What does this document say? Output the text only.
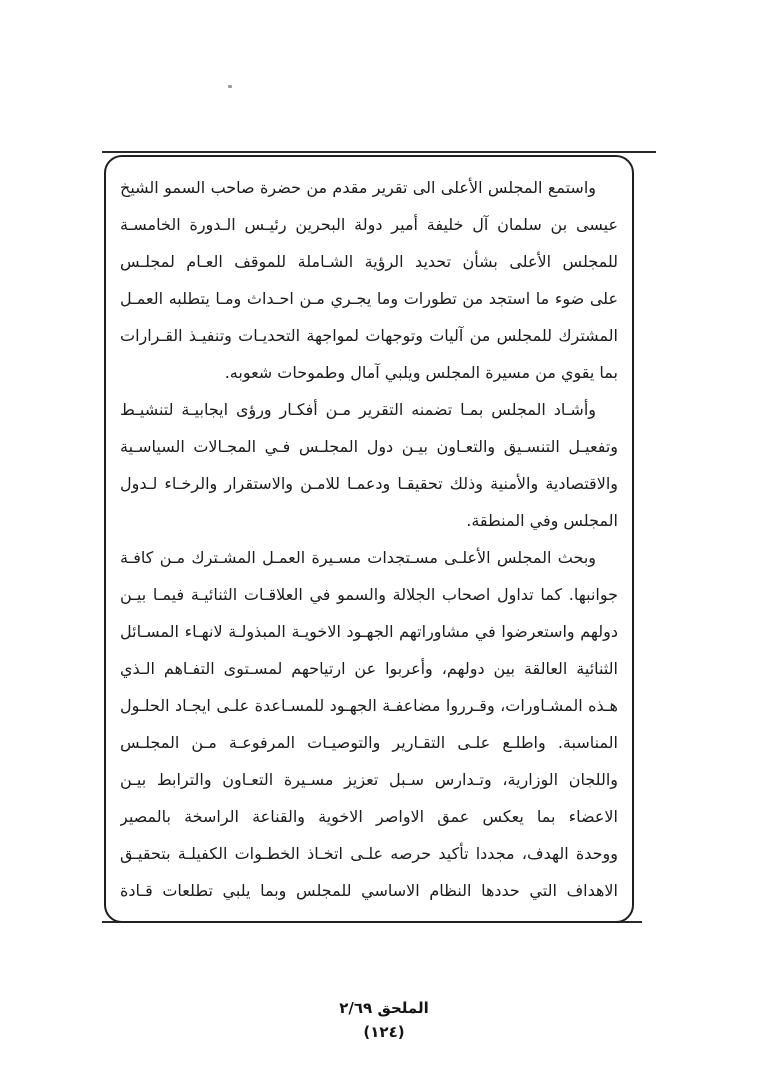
واستمع المجلس الأعلى الى تقرير مقدم من حضرة صاحب السمو الشيخ
عيسى بن سلمان آل خليفة أمير دولة البحرين رئيـس الـدورة الخامسـة
للمجلس الأعلى بشأن تحديد الرؤية الشـاملة للموقف العـام لمجلـس
على ضوء ما استجد من تطورات وما يجـري مـن احـداث ومـا يتطلبه العمـل
المشترك للمجلس من آليات وتوجهات لمواجهة التحديـات وتنفيـذ القـرارات
بما يقوي من مسيرة المجلس ويلبي آمال وطموحات شعوبه.
وأشـاد المجلس بمـا تضمنه التقرير مـن أفكـار ورؤى ايجابيـة لتنشيـط
وتفعيـل التنسـيق والتعـاون بيـن دول المجلـس فـي المجـالات السياسـية
والاقتصادية والأمنية وذلك تحقيقـا ودعمـا للامـن والاستقرار والرخـاء لـدول
المجلس وفي المنطقة.
وبحث المجلس الأعلـى مسـتجدات مسـيرة العمـل المشـترك مـن كافـة
جوانبها. كما تداول اصحاب الجلالة والسمو في العلاقـات الثنائيـة فيمـا بيـن
دولهم واستعرضوا في مشاوراتهم الجهـود الاخويـة المبذولـة لانهـاء المسـائل
الثنائية العالقة بين دولهم، وأعربوا عن ارتياحهم لمسـتوى التفـاهم الـذي
هـذه المشـاورات، وقـرروا مضاعفـة الجهـود للمسـاعدة علـى ايجـاد الحلـول
المناسبة. واطلـع علـى التقـارير والتوصيـات المرفوعـة مـن المجلـس
واللجان الوزارية، وتـدارس سـبل تعزيز مسـيرة التعـاون والترابط بيـن
الاعضاء بما يعكس عمق الاواصر الاخوية والقناعة الراسخة بالمصير
ووحدة الهدف، مجددا تأكيد حرصه علـى اتخـاذ الخطـوات الكفيلـة بتحقيـق
الاهداف التي حددها النظام الاساسي للمجلس وبما يلبي تطلعات قـادة
الملحق ٢/٦٩
(١٢٤)
